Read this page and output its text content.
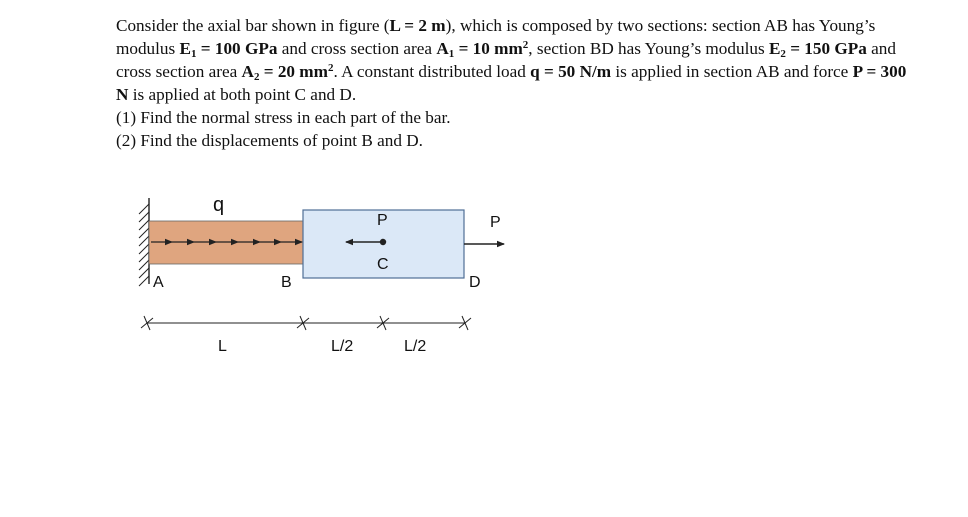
Consider the axial bar shown in figure (L = 2 m), which is composed by two sections: section AB has Young’s modulus $E_1 = 100$ GPa and cross section area $A_1 = 10$ $mm^2$, section BD has Young’s modulus $E_2 = 150$ GPa and cross section area $A_2 = 20$ $mm^2$. A constant distributed load q = 50 N/m is applied in section AB and force P = 300 N is applied at both point C and D.

(1) Find the normal stress in each part of the bar.

(2) Find the displacements of point B and D.

q
P
C
P
A	B	D
L	L/2	L/2
